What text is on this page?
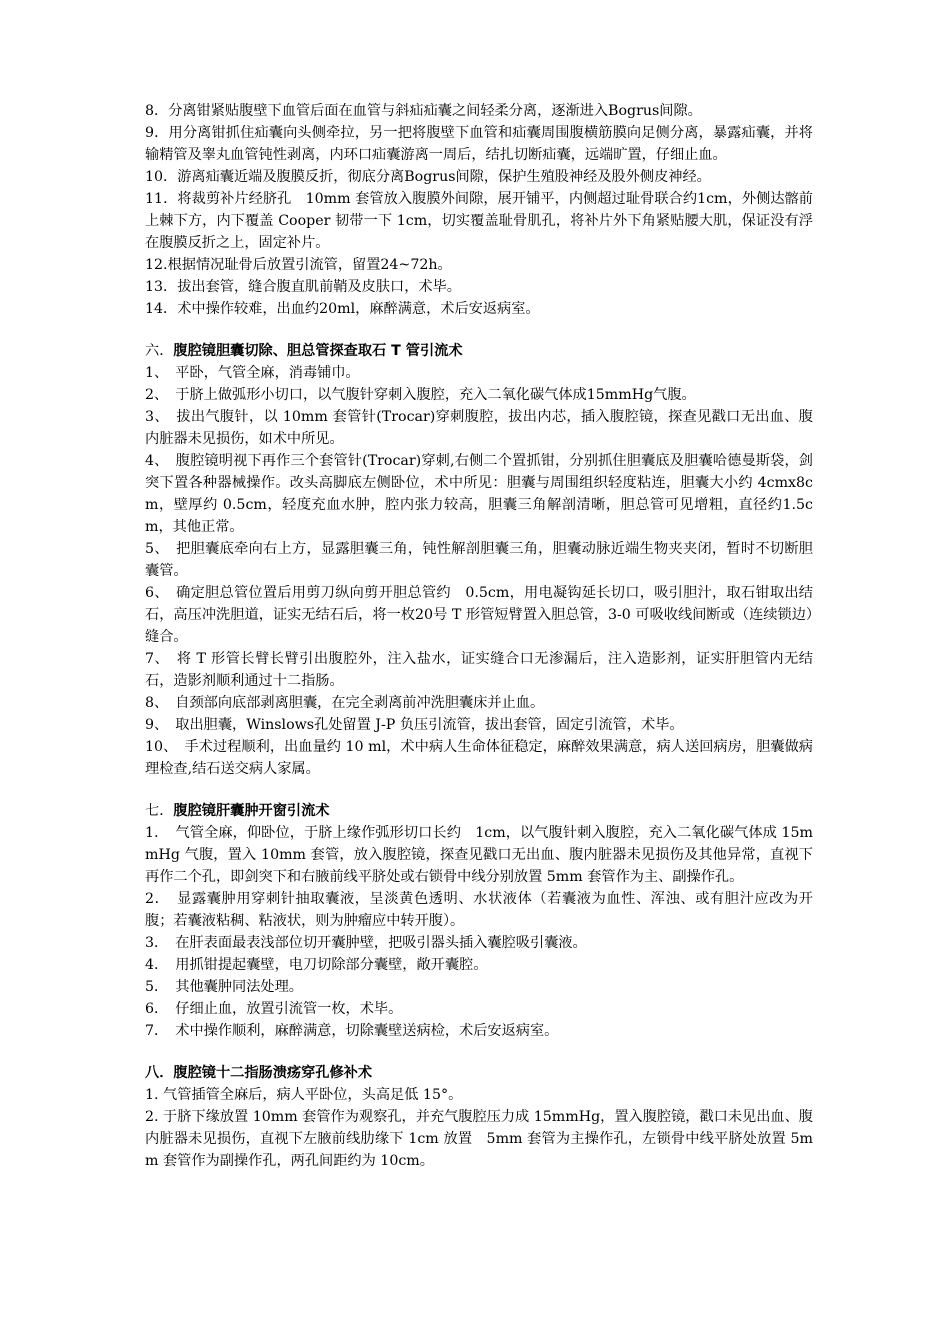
8．分离钳紧贴腹壁下血管后面在血管与斜疝疝囊之间轻柔分离，逐渐进入Bogrus间隙。

9．用分离钳抓住疝囊向头侧牵拉，另一把将腹壁下血管和疝囊周围腹横筋膜向足侧分离，暴露疝囊，并将输精管及睾丸血管钝性剥离，内环口疝囊游离一周后，结扎切断疝囊，远端旷置，仔细止血。

10．游离疝囊近端及腹膜反折，彻底分离Bogrus间隙，保护生殖股神经及股外侧皮神经。

11．将裁剪补片经脐孔　10mm 套管放入腹膜外间隙，展开铺平，内侧超过耻骨联合约1cm，外侧达髂前上棘下方，内下覆盖 Cooper 韧带一下 1cm，切实覆盖耻骨肌孔，将补片外下角紧贴腰大肌，保证没有浮在腹膜反折之上，固定补片。

12.根据情况耻骨后放置引流管，留置24~72h。

13．拔出套管，缝合腹直肌前鞘及皮肤口，术毕。

14．术中操作较难，出血约20ml，麻醉满意，术后安返病室。

六．腹腔镜胆囊切除、胆总管探查取石 T 管引流术

1、　平卧，气管全麻，消毒铺巾。

2、　于脐上做弧形小切口，以气腹针穿刺入腹腔，充入二氧化碳气体成15mmHg气腹。

3、　拔出气腹针，以 10mm 套管针(Trocar)穿刺腹腔，拔出内芯，插入腹腔镜，探查见戳口无出血、腹内脏器未见损伤，如术中所见。

4、　腹腔镜明视下再作三个套管针(Trocar)穿刺,右侧二个置抓钳，分别抓住胆囊底及胆囊哈德曼斯袋，剑突下置各种器械操作。改头高脚底左侧卧位，术中所见：胆囊与周围组织轻度粘连，胆囊大小约 4cmx8cm，壁厚约 0.5cm，轻度充血水肿，腔内张力较高，胆囊三角解剖清晰，胆总管可见增粗，直径约1.5cm，其他正常。

5、　把胆囊底牵向右上方，显露胆囊三角，钝性解剖胆囊三角，胆囊动脉近端生物夹夹闭，暂时不切断胆囊管。

6、　确定胆总管位置后用剪刀纵向剪开胆总管约　0.5cm，用电凝钩延长切口，吸引胆汁，取石钳取出结石，高压冲洗胆道，证实无结石后，将一枚20号 T 形管短臂置入胆总管，3-0 可吸收线间断或（连续锁边）缝合。

7、　将 T 形管长臂长臂引出腹腔外，注入盐水，证实缝合口无渗漏后，注入造影剂，证实肝胆管内无结石，造影剂顺利通过十二指肠。

8、　自颈部向底部剥离胆囊，在完全剥离前冲洗胆囊床并止血。

9、　取出胆囊，Winslows孔处留置 J-P 负压引流管，拔出套管，固定引流管，术毕。

10、　手术过程顺利，出血量约 10 ml，术中病人生命体征稳定，麻醉效果满意，病人送回病房，胆囊做病理检查,结石送交病人家属。

七．腹腔镜肝囊肿开窗引流术

1．　气管全麻，仰卧位，于脐上缘作弧形切口长约　1cm，以气腹针刺入腹腔，充入二氧化碳气体成 15mmHg 气腹，置入 10mm 套管，放入腹腔镜，探查见戳口无出血、腹内脏器未见损伤及其他异常，直视下再作二个孔，即剑突下和右腋前线平脐处或右锁骨中线分别放置 5mm 套管作为主、副操作孔。

2．　显露囊肿用穿刺针抽取囊液，呈淡黄色透明、水状液体（若囊液为血性、浑浊、或有胆汁应改为开腹；若囊液粘稠、粘液状，则为肿瘤应中转开腹）。

3．　在肝表面最表浅部位切开囊肿壁，把吸引器头插入囊腔吸引囊液。

4．　用抓钳提起囊壁，电刀切除部分囊壁，敞开囊腔。

5．　其他囊肿同法处理。

6．　仔细止血，放置引流管一枚，术毕。

7．　术中操作顺利，麻醉满意，切除囊壁送病检，术后安返病室。

八．腹腔镜十二指肠溃疡穿孔修补术

1. 气管插管全麻后，病人平卧位，头高足低 15°。

2. 于脐下缘放置 10mm 套管作为观察孔，并充气腹腔压力成 15mmHg，置入腹腔镜，戳口未见出血、腹内脏器未见损伤，直视下左腋前线肋缘下 1cm 放置　5mm 套管为主操作孔，左锁骨中线平脐处放置 5mm 套管作为副操作孔，两孔间距约为 10cm。
